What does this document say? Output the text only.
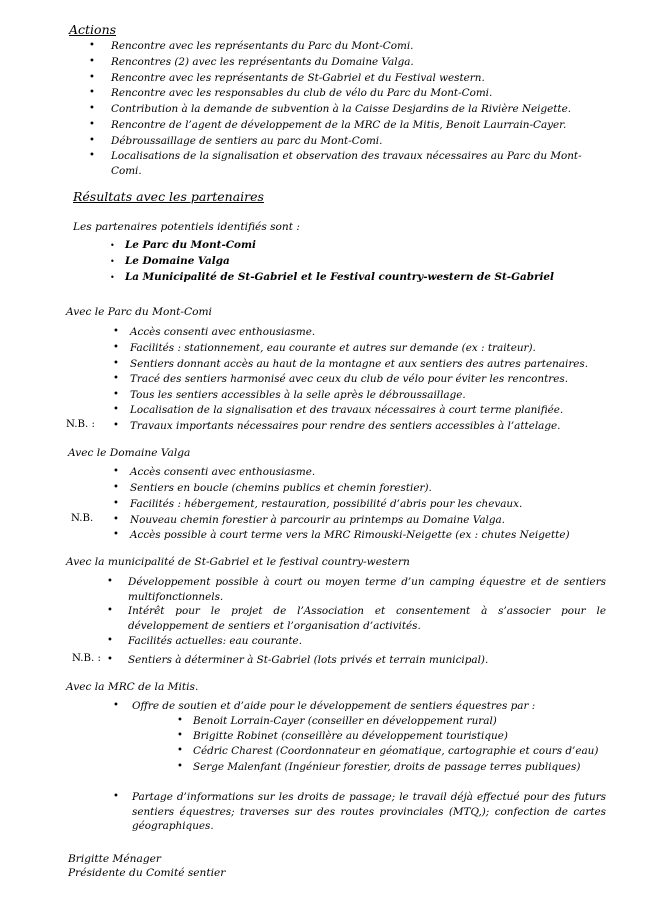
Actions
• Rencontre avec les représentants du Parc du Mont-Comi.
• Rencontres (2) avec les représentants du Domaine Valga.
• Rencontre avec les représentants de St-Gabriel et du Festival western.
• Rencontre avec les responsables du club de vélo du Parc du Mont-Comi.
• Contribution à la demande de subvention à la Caisse Desjardins de la Rivière Neigette.
• Rencontre de l’agent de développement de la MRC de la Mitis, Benoit Laurrain-Cayer.
• Débroussaillage de sentiers au parc du Mont-Comi.
• Localisations de la signalisation et observation des travaux nécessaires au Parc du Mont-Comi.
Résultats avec les partenaires
Les partenaires potentiels identifiés sont :
• Le Parc du Mont-Comi
• Le Domaine Valga
• La Municipalité de St-Gabriel et le Festival country-western de St-Gabriel
Avec le Parc du Mont-Comi
• Accès consenti avec enthousiasme.
• Facilités : stationnement, eau courante et autres sur demande (ex : traiteur).
• Sentiers donnant accès au haut de la montagne et aux sentiers des autres partenaires.
• Tracé des sentiers harmonisé avec ceux du club de vélo pour éviter les rencontres.
• Tous les sentiers accessibles à la selle après le débroussaillage.
• Localisation de la signalisation et des travaux nécessaires à court terme planifiée.
N.B. : • Travaux importants nécessaires pour rendre des sentiers accessibles à l’attelage.
Avec le Domaine Valga
• Accès consenti avec enthousiasme.
• Sentiers en boucle (chemins publics et chemin forestier).
• Facilités : hébergement, restauration, possibilité d’abris pour les chevaux.
N.B. • Nouveau chemin forestier à parcourir au printemps au Domaine Valga.
• Accès possible à court terme vers la MRC Rimouski-Neigette (ex : chutes Neigette)
Avec la municipalité de St-Gabriel et le festival country-western
• Développement possible à court ou moyen terme d’un camping équestre et de sentiers multifonctionnels.
• Intérêt pour le projet de l’Association et consentement à s’associer pour le développement de sentiers et l’organisation d’activités.
• Facilités actuelles: eau courante.
N.B. : • Sentiers à déterminer à St-Gabriel (lots privés et terrain municipal).
Avec la MRC de la Mitis.
• Offre de soutien et d’aide pour le développement de sentiers équestres par :
• Benoit Lorrain-Cayer (conseiller en développement rural)
• Brigitte Robinet (conseillère au développement touristique)
• Cédric Charest (Coordonnateur en géomatique, cartographie et cours d’eau)
• Serge Malenfant (Ingénieur forestier, droits de passage terres publiques)
• Partage d’informations sur les droits de passage; le travail déjà effectué pour des futurs sentiers équestres; traverses sur des routes provinciales (MTQ,); confection de cartes géographiques.
Brigitte Ménager
Présidente du Comité sentier
